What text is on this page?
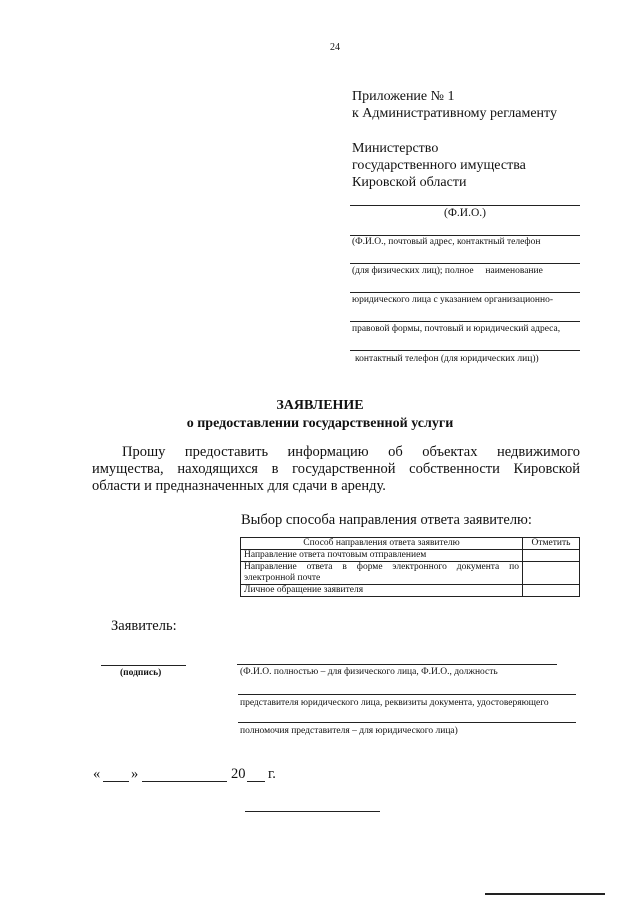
24
Приложение № 1
к Административному регламенту
Министерство
государственного имущества
Кировской области
(Ф.И.О.)
(Ф.И.О., почтовый адрес, контактный телефон
(для физических лиц); полное     наименование
юридического лица с указанием организационно-
правовой формы, почтовый и юридический адреса,
контактный телефон (для юридических лиц))
ЗАЯВЛЕНИЕ
о предоставлении государственной услуги
Прошу   предоставить   информацию   об   объектах   недвижимого имущества, находящихся в государственной собственности Кировской области и предназначенных для сдачи в аренду.
Выбор способа направления ответа заявителю:
Способ направления ответа заявителю	Отметить
Направление ответа почтовым отправлением	
Направление ответа в форме электронного документа по электронной почте	
Личное обращение заявителя	
Заявитель:
(подпись)	(Ф.И.О. полностью – для физического лица, Ф.И.О., должность
представителя юридического лица, реквизиты документа, удостоверяющего
полномочия представителя – для юридического лица)
« »	20 г.
